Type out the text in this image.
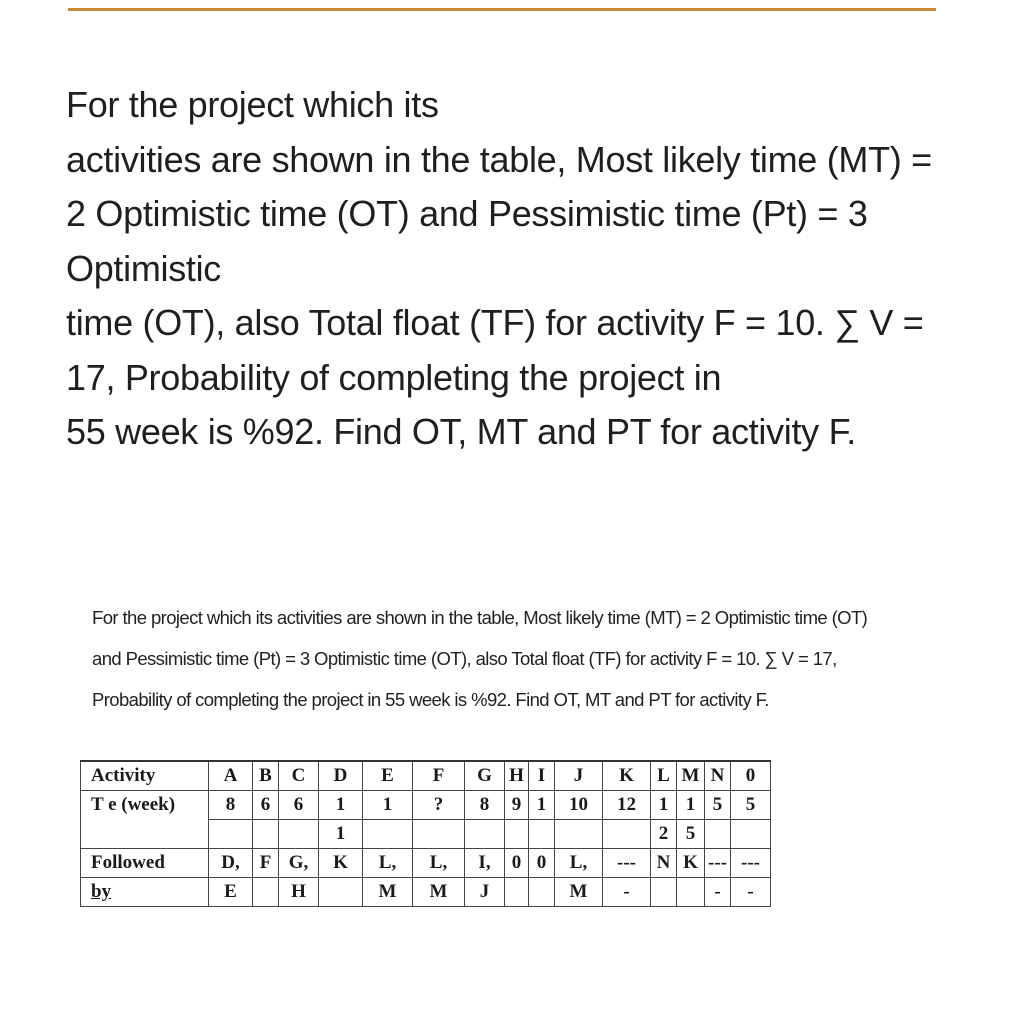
For the project which its
activities are shown in the table, Most likely time (MT) =
2 Optimistic time (OT) and Pessimistic time (Pt) = 3
Optimistic
time (OT), also Total float (TF) for activity F = 10. ∑ V =
17, Probability of completing the project in
55 week is %92. Find OT, MT and PT for activity F.
For the project which its activities are shown in the table, Most likely time (MT) = 2 Optimistic time (OT)
and Pessimistic time (Pt) = 3 Optimistic time (OT), also Total float (TF) for activity F = 10. ∑ V = 17,
Probability of completing the project in 55 week is %92. Find OT, MT and PT for activity F.
Activity	A	B	C	D	E	F	G	H	I	J	K	L	M	N	0
T e (week)	8	6	6	1	1	?	8	9	1	10	12	1	1	5	5
				1								2	5		
Followed	D,	F	G,	K	L,	L,	I,	0	0	L,	---	N	K	---	---
by	E		H		M	M	J			M	-			-	-
